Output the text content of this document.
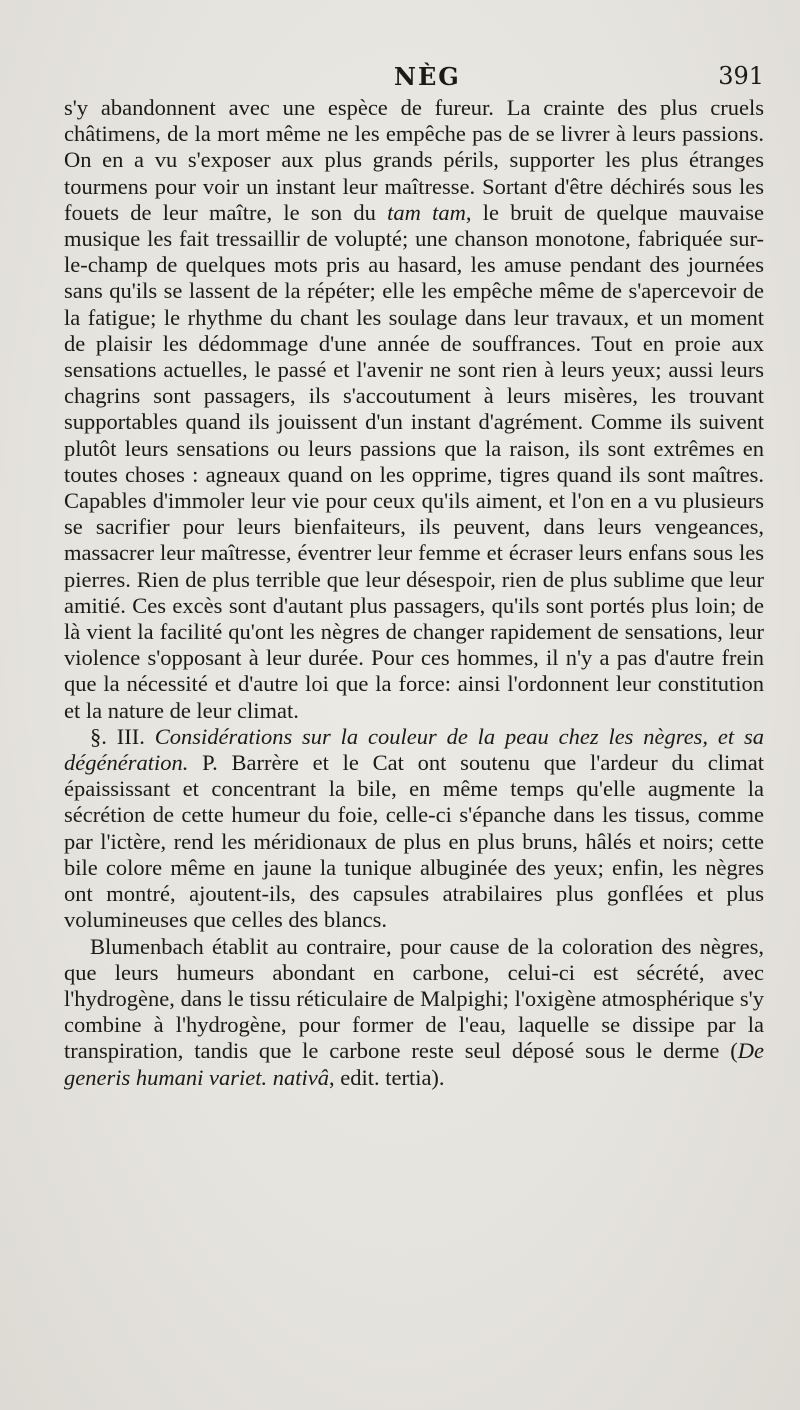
NÈG	391

s'y abandonnent avec une espèce de fureur. La crainte des plus cruels châtimens, de la mort même ne les empêche pas de se livrer à leurs passions. On en a vu s'exposer aux plus grands périls, supporter les plus étranges tourmens pour voir un instant leur maîtresse. Sortant d'être déchirés sous les fouets de leur maître, le son du tam tam, le bruit de quelque mauvaise musique les fait tressaillir de volupté; une chanson monotone, fabriquée sur-le-champ de quelques mots pris au hasard, les amuse pendant des journées sans qu'ils se lassent de la répéter; elle les empêche même de s'apercevoir de la fatigue; le rhythme du chant les soulage dans leur travaux, et un moment de plaisir les dédommage d'une année de souffrances. Tout en proie aux sensations actuelles, le passé et l'avenir ne sont rien à leurs yeux; aussi leurs chagrins sont passagers, ils s'accoutument à leurs misères, les trouvant supportables quand ils jouissent d'un instant d'agrément. Comme ils suivent plutôt leurs sensations ou leurs passions que la raison, ils sont extrêmes en toutes choses : agneaux quand on les opprime, tigres quand ils sont maîtres. Capables d'immoler leur vie pour ceux qu'ils aiment, et l'on en a vu plusieurs se sacrifier pour leurs bienfaiteurs, ils peuvent, dans leurs vengeances, massacrer leur maîtresse, éventrer leur femme et écraser leurs enfans sous les pierres. Rien de plus terrible que leur désespoir, rien de plus sublime que leur amitié. Ces excès sont d'autant plus passagers, qu'ils sont portés plus loin; de là vient la facilité qu'ont les nègres de changer rapidement de sensations, leur violence s'opposant à leur durée. Pour ces hommes, il n'y a pas d'autre frein que la nécessité et d'autre loi que la force: ainsi l'ordonnent leur constitution et la nature de leur climat.

§. III. Considérations sur la couleur de la peau chez les nègres, et sa dégénération. P. Barrère et le Cat ont soutenu que l'ardeur du climat épaississant et concentrant la bile, en même temps qu'elle augmente la sécrétion de cette humeur du foie, celle-ci s'épanche dans les tissus, comme par l'ictère, rend les méridionaux de plus en plus bruns, hâlés et noirs; cette bile colore même en jaune la tunique albuginée des yeux; enfin, les nègres ont montré, ajoutent-ils, des capsules atrabilaires plus gonflées et plus volumineuses que celles des blancs.

Blumenbach établit au contraire, pour cause de la coloration des nègres, que leurs humeurs abondant en carbone, celui-ci est sécrété, avec l'hydrogène, dans le tissu réticulaire de Malpighi; l'oxigène atmosphérique s'y combine à l'hydrogène, pour former de l'eau, laquelle se dissipe par la transpiration, tandis que le carbone reste seul déposé sous le derme (De generis humani variet. nativâ, edit. tertia).
